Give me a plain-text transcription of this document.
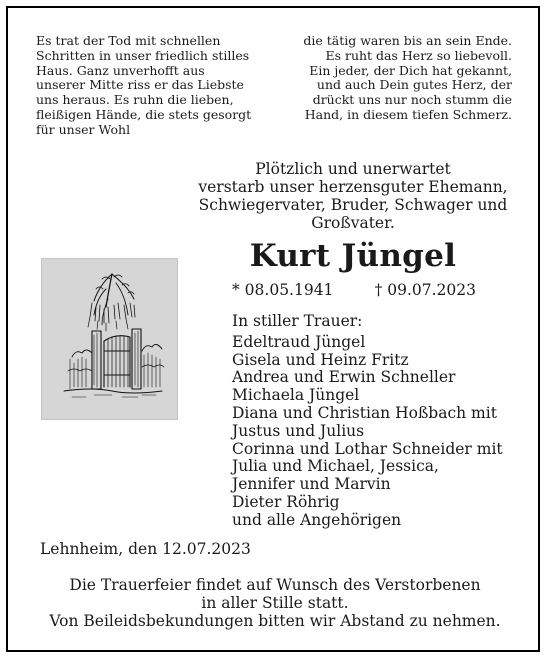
Es trat der Tod mit schnellen
Schritten in unser friedlich stilles
Haus. Ganz unverhofft aus
unserer Mitte riss er das Liebste
uns heraus. Es ruhn die lieben,
fleißigen Hände, die stets gesorgt
für unser Wohl
die tätig waren bis an sein Ende.
Es ruht das Herz so liebevoll.
Ein jeder, der Dich hat gekannt,
und auch Dein gutes Herz, der
drückt uns nur noch stumm die
Hand, in diesem tiefen Schmerz.
Plötzlich und unerwartet
verstarb unser herzensguter Ehemann,
Schwiegervater, Bruder, Schwager und
Großvater.
Kurt Jüngel
* 08.05.1941	† 09.07.2023
In stiller Trauer:
Edeltraud Jüngel
Gisela und Heinz Fritz
Andrea und Erwin Schneller
Michaela Jüngel
Diana und Christian Hoßbach mit
Justus und Julius
Corinna und Lothar Schneider mit
Julia und Michael, Jessica,
Jennifer und Marvin
Dieter Röhrig
und alle Angehörigen
Lehnheim, den 12.07.2023
Die Trauerfeier findet auf Wunsch des Verstorbenen
in aller Stille statt.
Von Beileidsbekundungen bitten wir Abstand zu nehmen.
